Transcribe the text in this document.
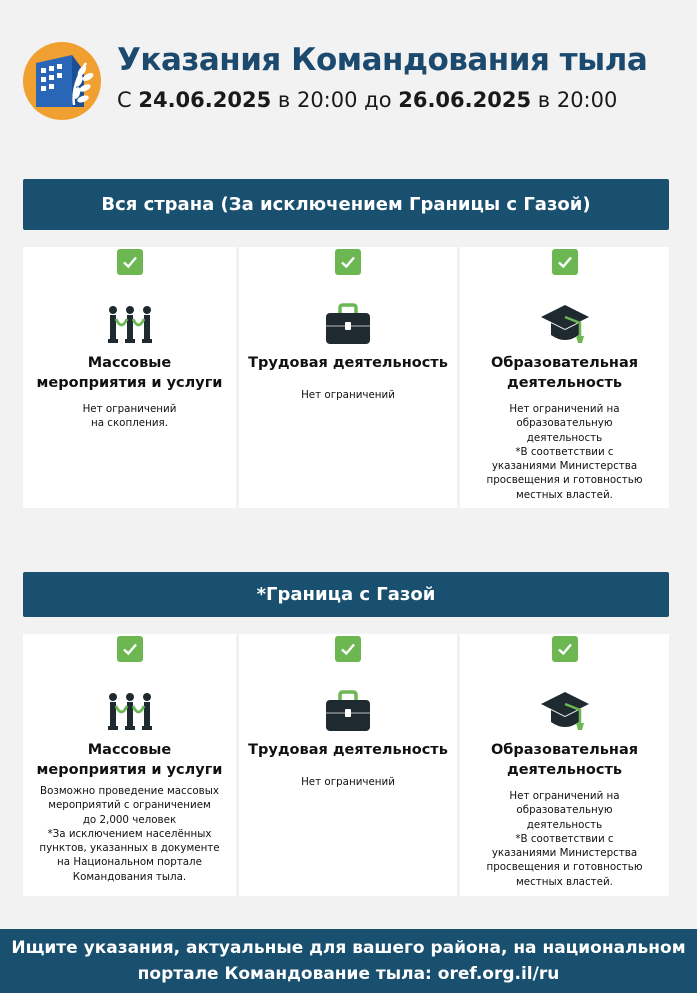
Указания Командования тыла
С 24.06.2025 в 20:00 до 26.06.2025 в 20:00
Вся страна (За исключением Границы с Газой)
Массовые мероприятия и услуги
Нет ограничений
на скопления.
Трудовая деятельность
Нет ограничений
Образовательная деятельность
Нет ограничений на
образовательную
деятельность
*В соответствии с
указаниями Министерства
просвещения и готовностью
местных властей.
*Граница с Газой
Массовые мероприятия и услуги
Возможно проведение массовых
мероприятий с ограничением
до 2,000 человек
*За исключением населённых
пунктов, указанных в документе
на Национальном портале
Командования тыла.
Трудовая деятельность
Нет ограничений
Образовательная деятельность
Нет ограничений на
образовательную
деятельность
*В соответствии с
указаниями Министерства
просвещения и готовностью
местных властей.
Ищите указания, актуальные для вашего района, на национальном
портале Командование тыла: oref.org.il/ru
